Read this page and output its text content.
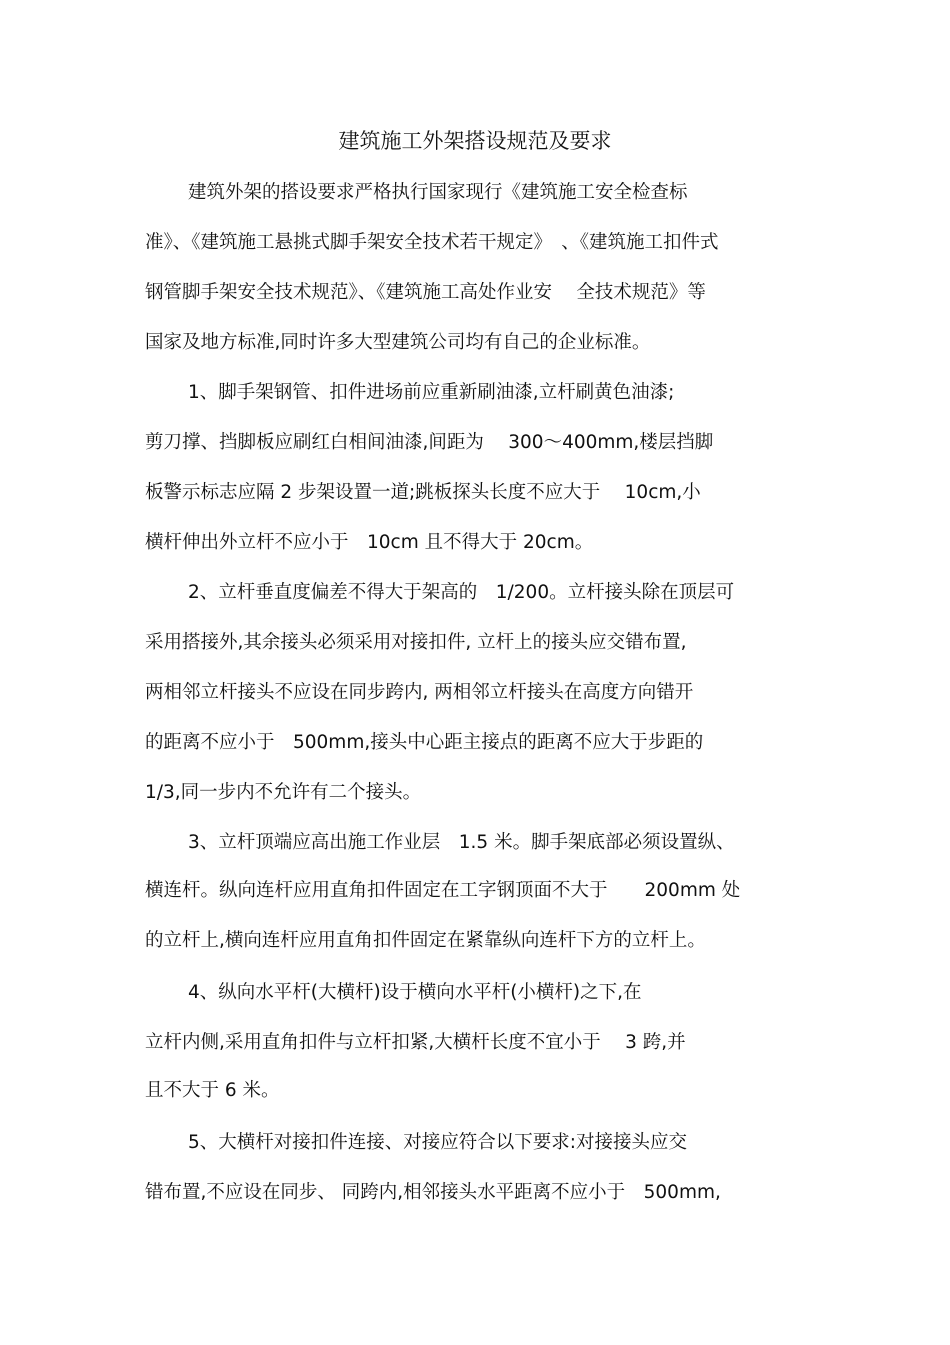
建筑施工外架搭设规范及要求
建筑外架的搭设要求严格执行国家现行《建筑施工安全检查标
准》、《建筑施工悬挑式脚手架安全技术若干规定》　、《建筑施工扣件式
钢管脚手架安全技术规范》、《建筑施工高处作业安　 全技术规范》等
国家及地方标准,同时许多大型建筑公司均有自己的企业标准。
1、脚手架钢管、扣件进场前应重新刷油漆,立杆刷黄色油漆;
剪刀撑、挡脚板应刷红白相间油漆,间距为　 300～400mm,楼层挡脚
板警示标志应隔 2 步架设置一道;跳板探头长度不应大于　 10cm,小
横杆伸出外立杆不应小于　10cm 且不得大于 20cm。
2、立杆垂直度偏差不得大于架高的　1/200。立杆接头除在顶层可
采用搭接外,其余接头必须采用对接扣件, 立杆上的接头应交错布置,
两相邻立杆接头不应设在同步跨内, 两相邻立杆接头在高度方向错开
的距离不应小于　500mm,接头中心距主接点的距离不应大于步距的
1/3,同一步内不允许有二个接头。
3、立杆顶端应高出施工作业层　1.5 米。脚手架底部必须设置纵、
横连杆。纵向连杆应用直角扣件固定在工字钢顶面不大于　　200mm 处
的立杆上,横向连杆应用直角扣件固定在紧靠纵向连杆下方的立杆上。
4、纵向水平杆(大横杆)设于横向水平杆(小横杆)之下,在
立杆内侧,采用直角扣件与立杆扣紧,大横杆长度不宜小于　 3 跨,并
且不大于 6 米。
5、大横杆对接扣件连接、对接应符合以下要求:对接接头应交
错布置,不应设在同步、 同跨内,相邻接头水平距离不应小于　500mm,
